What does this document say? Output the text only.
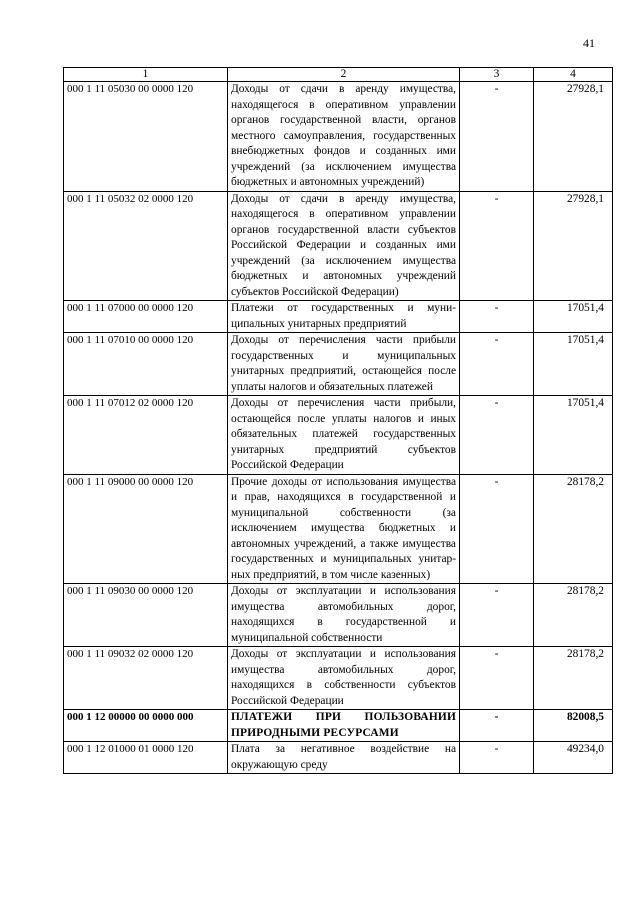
41
1	2	3	4
000 1 11 05030 00 0000 120	Доходы от сдачи в аренду имущества, находящегося в оперативном управлении органов государственной власти, органов местного самоуправления, государственных внебюджетных фондов и созданных ими учреждений (за исключением имущества бюджетных и автономных учреждений)	-	27928,1
000 1 11 05032 02 0000 120	Доходы от сдачи в аренду имущества, находящегося в оперативном управлении органов государственной власти субъектов Российской Федерации и созданных ими учреждений (за исключением имущества бюджетных и автономных учреждений субъектов Российской Федерации)	-	27928,1
000 1 11 07000 00 0000 120	Платежи от государственных и муниципальных унитарных предприятий	-	17051,4
000 1 11 07010 00 0000 120	Доходы от перечисления части прибыли государственных и муниципальных унитарных предприятий, остающейся после уплаты налогов и обязательных платежей	-	17051,4
000 1 11 07012 02 0000 120	Доходы от перечисления части прибыли, остающейся после уплаты налогов и иных обязательных платежей государственных унитарных предприятий субъектов Российской Федерации	-	17051,4
000 1 11 09000 00 0000 120	Прочие доходы от использования имущества и прав, находящихся в государственной и муниципальной собственности (за исключением имущества бюджетных и автономных учреждений, а также имущества государственных и муниципальных унитарных предприятий, в том числе казенных)	-	28178,2
000 1 11 09030 00 0000 120	Доходы от эксплуатации и использования имущества автомобильных дорог, находящихся в государственной и муниципальной собственности	-	28178,2
000 1 11 09032 02 0000 120	Доходы от эксплуатации и использования имущества автомобильных дорог, находящихся в собственности субъектов Российской Федерации	-	28178,2
000 1 12 00000 00 0000 000	ПЛАТЕЖИ ПРИ ПОЛЬЗОВАНИИ ПРИРОДНЫМИ РЕСУРСАМИ	-	82008,5
000 1 12 01000 01 0000 120	Плата за негативное воздействие на окружающую среду	-	49234,0
